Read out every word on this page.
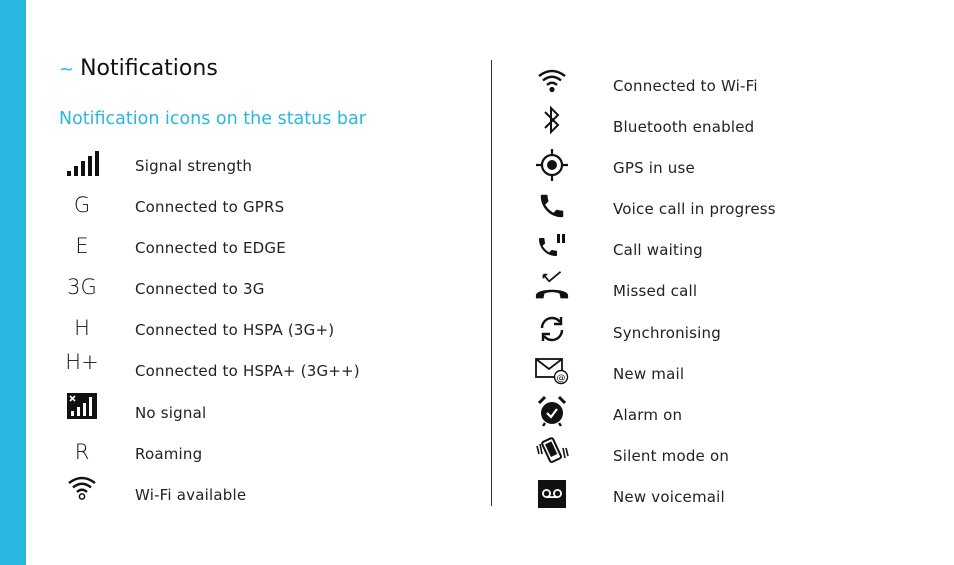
~ Notifications
Notification icons on the status bar
Signal strength
G	Connected to GPRS
E	Connected to EDGE
3G	Connected to 3G
H	Connected to HSPA (3G+)
H+ Connected to HSPA+ (3G++)
No signal
R	Roaming
Wi-Fi available
Connected to Wi-Fi
Bluetooth enabled
GPS in use
Voice call in progress
Call waiting
Missed call
Synchronising
@	New mail
Alarm on
Silent mode on
New voicemail
